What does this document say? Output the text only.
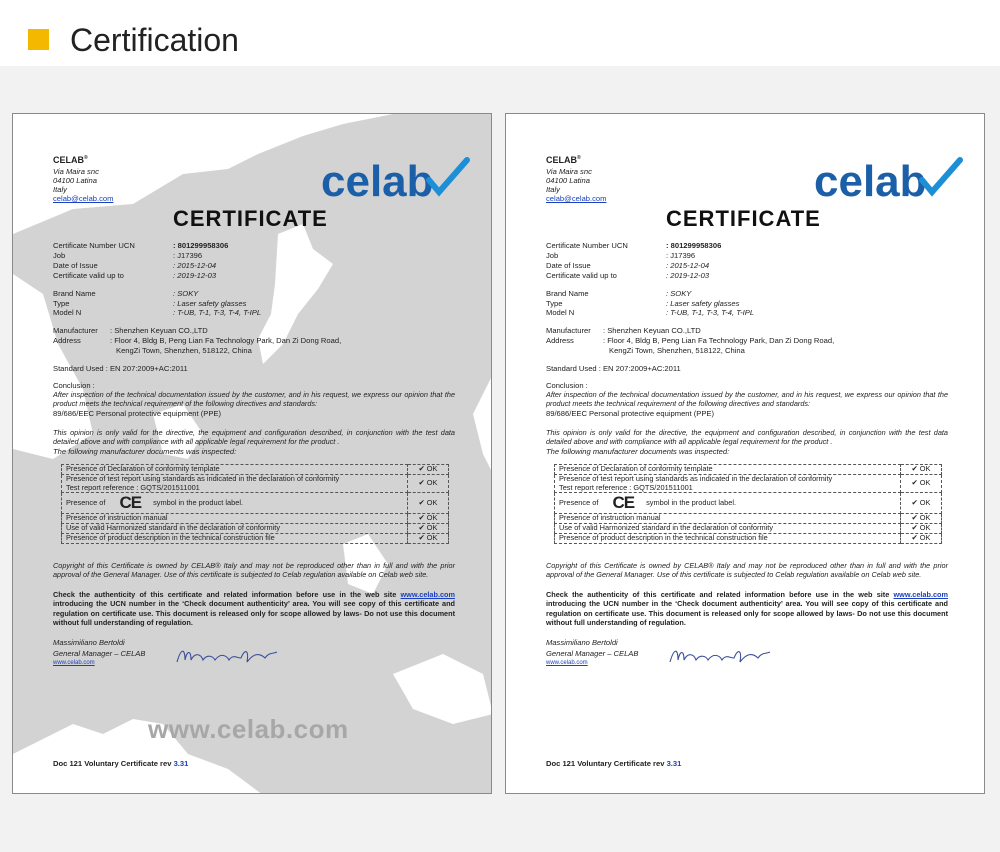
Certification
CELAB®
Via Maira snc
04100 Latina
Italy
celab@celab.com	celab
CERTIFICATE
Certificate Number UCN	: 801299958306
Job	: J17396
Date of Issue	: 2015-12-04
Certificate valid up to	: 2019-12-03
Brand Name	: SOKY
Type	: Laser safety glasses
Model N	: T-UB, T-1, T-3, T-4, T-IPL
Manufacturer : Shenzhen Keyuan CO.,LTD
Address	: Floor 4, Bldg B, Peng Lian Fa Technology Park, Dan Zi Dong Road,
KengZi Town, Shenzhen, 518122, China
Standard Used : EN 207:2009+AC:2011
Conclusion :
After inspection of the technical documentation issued by the customer, and in his request, we express our opinion that the product meets the technical requirement of the following directives and standards:
89/686/EEC Personal protective equipment (PPE)
This opinion is only valid for the directive, the equipment and configuration described, in conjunction with the test data detailed above and with compliance with all applicable legal requirement for the product .
The following manufacturer documents was inspected:
Presence of Declaration of conformity template	✔ OK
Presence of test report using standards as indicated in the declaration of conformity
Test report reference : GQTS/201511001	✔ OK
Presence of CE symbol in the product label.	✔ OK
Presence of instruction manual	✔ OK
Use of valid Harmonized standard in the declaration of conformity	✔ OK
Presence of product description in the technical construction file	✔ OK
Copyright of this Certificate is owned by CELAB® Italy and may not be reproduced other than in full and with the prior approval of the General Manager. Use of this certificate is subjected to Celab regulation available on Celab web site.
Check the authenticity of this certificate and related information before use in the web site www.celab.com introducing the UCN number in the ‘Check document authenticity’ area. You will see copy of this certificate and regulation on certificate use. This document is released only for scope allowed by laws- Do not use this document without full understanding of regulation.
Massimiliano Bertoldi
General Manager – CELAB
www.celab.com
www.celab.com
Doc 121 Voluntary Certificate rev 3.31
CELAB®
Via Maira snc
04100 Latina
Italy
celab@celab.com	celab
CERTIFICATE
Certificate Number UCN	: 801299958306
Job	: J17396
Date of Issue	: 2015-12-04
Certificate valid up to	: 2019-12-03
Brand Name	: SOKY
Type	: Laser safety glasses
Model N	: T-UB, T-1, T-3, T-4, T-IPL
Manufacturer : Shenzhen Keyuan CO.,LTD
Address	: Floor 4, Bldg B, Peng Lian Fa Technology Park, Dan Zi Dong Road,
KengZi Town, Shenzhen, 518122, China
Standard Used : EN 207:2009+AC:2011
Conclusion :
After inspection of the technical documentation issued by the customer, and in his request, we express our opinion that the product meets the technical requirement of the following directives and standards:
89/686/EEC Personal protective equipment (PPE)
This opinion is only valid for the directive, the equipment and configuration described, in conjunction with the test data detailed above and with compliance with all applicable legal requirement for the product .
The following manufacturer documents was inspected:
Presence of Declaration of conformity template	✔ OK
Presence of test report using standards as indicated in the declaration of conformity
Test report reference : GQTS/201511001	✔ OK
Presence of CE symbol in the product label.	✔ OK
Presence of instruction manual	✔ OK
Use of valid Harmonized standard in the declaration of conformity	✔ OK
Presence of product description in the technical construction file	✔ OK
Copyright of this Certificate is owned by CELAB® Italy and may not be reproduced other than in full and with the prior approval of the General Manager. Use of this certificate is subjected to Celab regulation available on Celab web site.
Check the authenticity of this certificate and related information before use in the web site www.celab.com introducing the UCN number in the ‘Check document authenticity’ area. You will see copy of this certificate and regulation on certificate use. This document is released only for scope allowed by laws- Do not use this document without full understanding of regulation.
Massimiliano Bertoldi
General Manager – CELAB
www.celab.com
Doc 121 Voluntary Certificate rev 3.31
